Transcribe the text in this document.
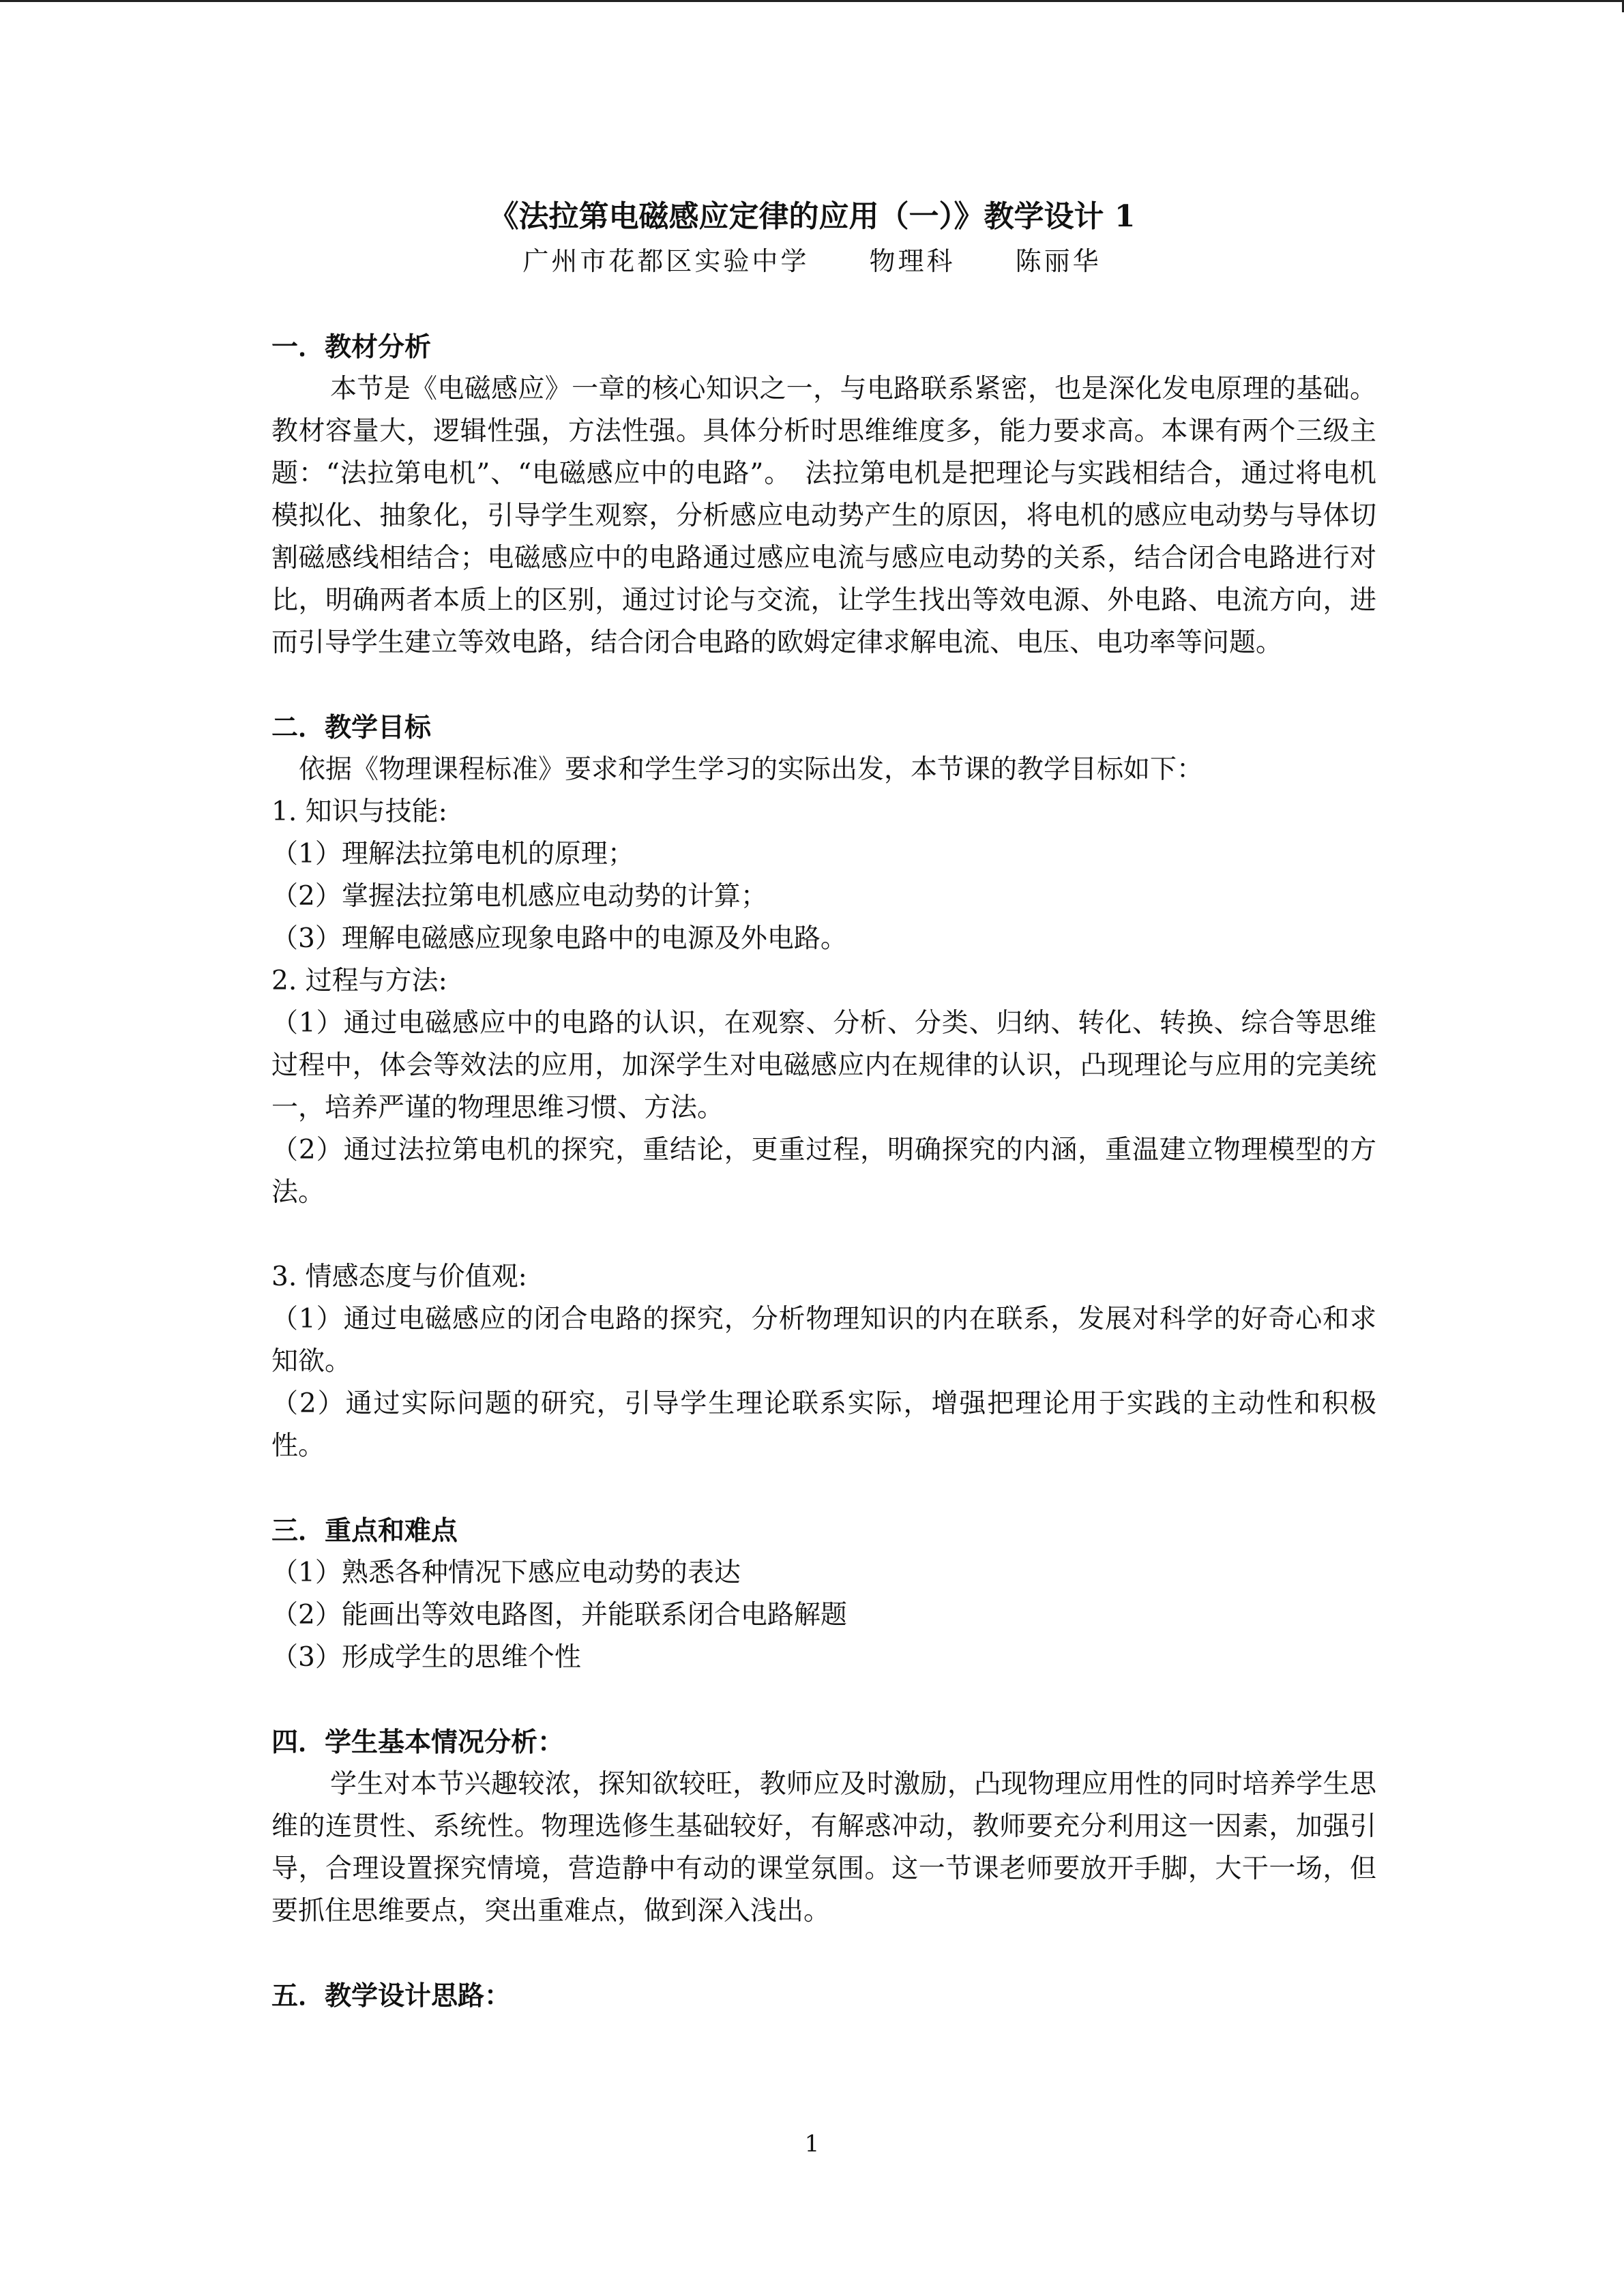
《法拉第电磁感应定律的应用（一）》教学设计 1
广州市花都区实验中学 物理科 陈丽华

一．教材分析

本节是《电磁感应》一章的核心知识之一，与电路联系紧密，也是深化发电原理的基础。教材容量大，逻辑性强，方法性强。具体分析时思维维度多，能力要求高。本课有两个三级主题：“法拉第电机”、“电磁感应中的电路”。　法拉第电机是把理论与实践相结合，通过将电机模拟化、抽象化，引导学生观察，分析感应电动势产生的原因，将电机的感应电动势与导体切割磁感线相结合；电磁感应中的电路通过感应电流与感应电动势的关系，结合闭合电路进行对比，明确两者本质上的区别，通过讨论与交流，让学生找出等效电源、外电路、电流方向，进而引导学生建立等效电路，结合闭合电路的欧姆定律求解电流、电压、电功率等问题。

二．教学目标

依据《物理课程标准》要求和学生学习的实际出发，本节课的教学目标如下：

1. 知识与技能:

（1）理解法拉第电机的原理；

（2）掌握法拉第电机感应电动势的计算；

（3）理解电磁感应现象电路中的电源及外电路。

2. 过程与方法:

（1）通过电磁感应中的电路的认识，在观察、分析、分类、归纳、转化、转换、综合等思维过程中，体会等效法的应用，加深学生对电磁感应内在规律的认识，凸现理论与应用的完美统一，培养严谨的物理思维习惯、方法。

（2）通过法拉第电机的探究，重结论，更重过程，明确探究的内涵，重温建立物理模型的方法。

3. 情感态度与价值观:

（1）通过电磁感应的闭合电路的探究，分析物理知识的内在联系，发展对科学的好奇心和求知欲。

（2）通过实际问题的研究，引导学生理论联系实际，增强把理论用于实践的主动性和积极性。

三．重点和难点

（1）熟悉各种情况下感应电动势的表达

（2）能画出等效电路图，并能联系闭合电路解题

（3）形成学生的思维个性

四．学生基本情况分析：

学生对本节兴趣较浓，探知欲较旺，教师应及时激励，凸现物理应用性的同时培养学生思维的连贯性、系统性。物理选修生基础较好，有解惑冲动，教师要充分利用这一因素，加强引导，合理设置探究情境，营造静中有动的课堂氛围。这一节课老师要放开手脚，大干一场，但要抓住思维要点，突出重难点，做到深入浅出。

五．教学设计思路：

1
